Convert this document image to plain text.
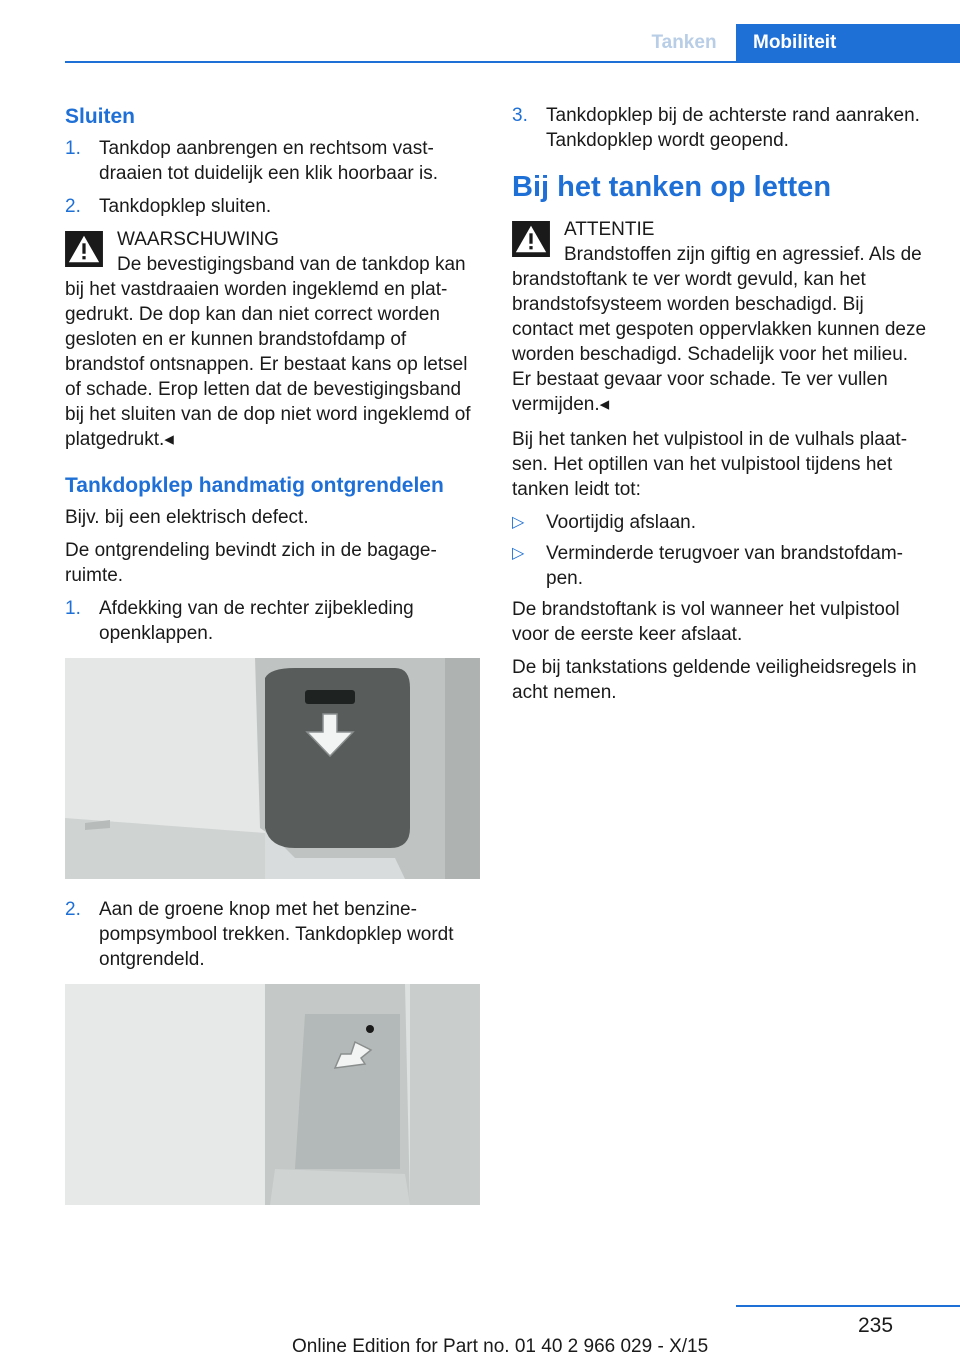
Tanken	Mobiliteit
Sluiten
1. Tankdop aanbrengen en rechtsom vastdraaien tot duidelijk een klik hoorbaar is.
2. Tankdopklep sluiten.
WAARSCHUWING
De bevestigingsband van de tankdop kan bij het vastdraaien worden ingeklemd en platgedrukt. De dop kan dan niet correct worden gesloten en er kunnen brandstofdamp of brandstof ontsnappen. Er bestaat kans op letsel of schade. Erop letten dat de bevestigingsband bij het sluiten van de dop niet word ingeklemd of platgedrukt.◂
Tankdopklep handmatig ontgrendelen

Bijv. bij een elektrisch defect.

De ontgrendeling bevindt zich in de bagageruimte.

1. Afdekking van de rechter zijbekleding openklappen.
2. Aan de groene knop met het benzinepompsymbool trekken. Tankdopklep wordt ontgrendeld.
3. Tankdopklep bij de achterste rand aanraken. Tankdopklep wordt geopend.
Bij het tanken op letten
ATTENTIE
Brandstoffen zijn giftig en agressief. Als de brandstoftank te ver wordt gevuld, kan het brandstofsysteem worden beschadigd. Bij contact met gespoten oppervlakken kunnen deze worden beschadigd. Schadelijk voor het milieu. Er bestaat gevaar voor schade. Te ver vullen vermijden.◂

Bij het tanken het vulpistool in de vulhals plaatsen. Het optillen van het vulpistool tijdens het tanken leidt tot:

▷ Voortijdig afslaan.
▷ Verminderde terugvoer van brandstofdampen.

De brandstoftank is vol wanneer het vulpistool voor de eerste keer afslaat.

De bij tankstations geldende veiligheidsregels in acht nemen.

235
Online Edition for Part no. 01 40 2 966 029 - X/15
